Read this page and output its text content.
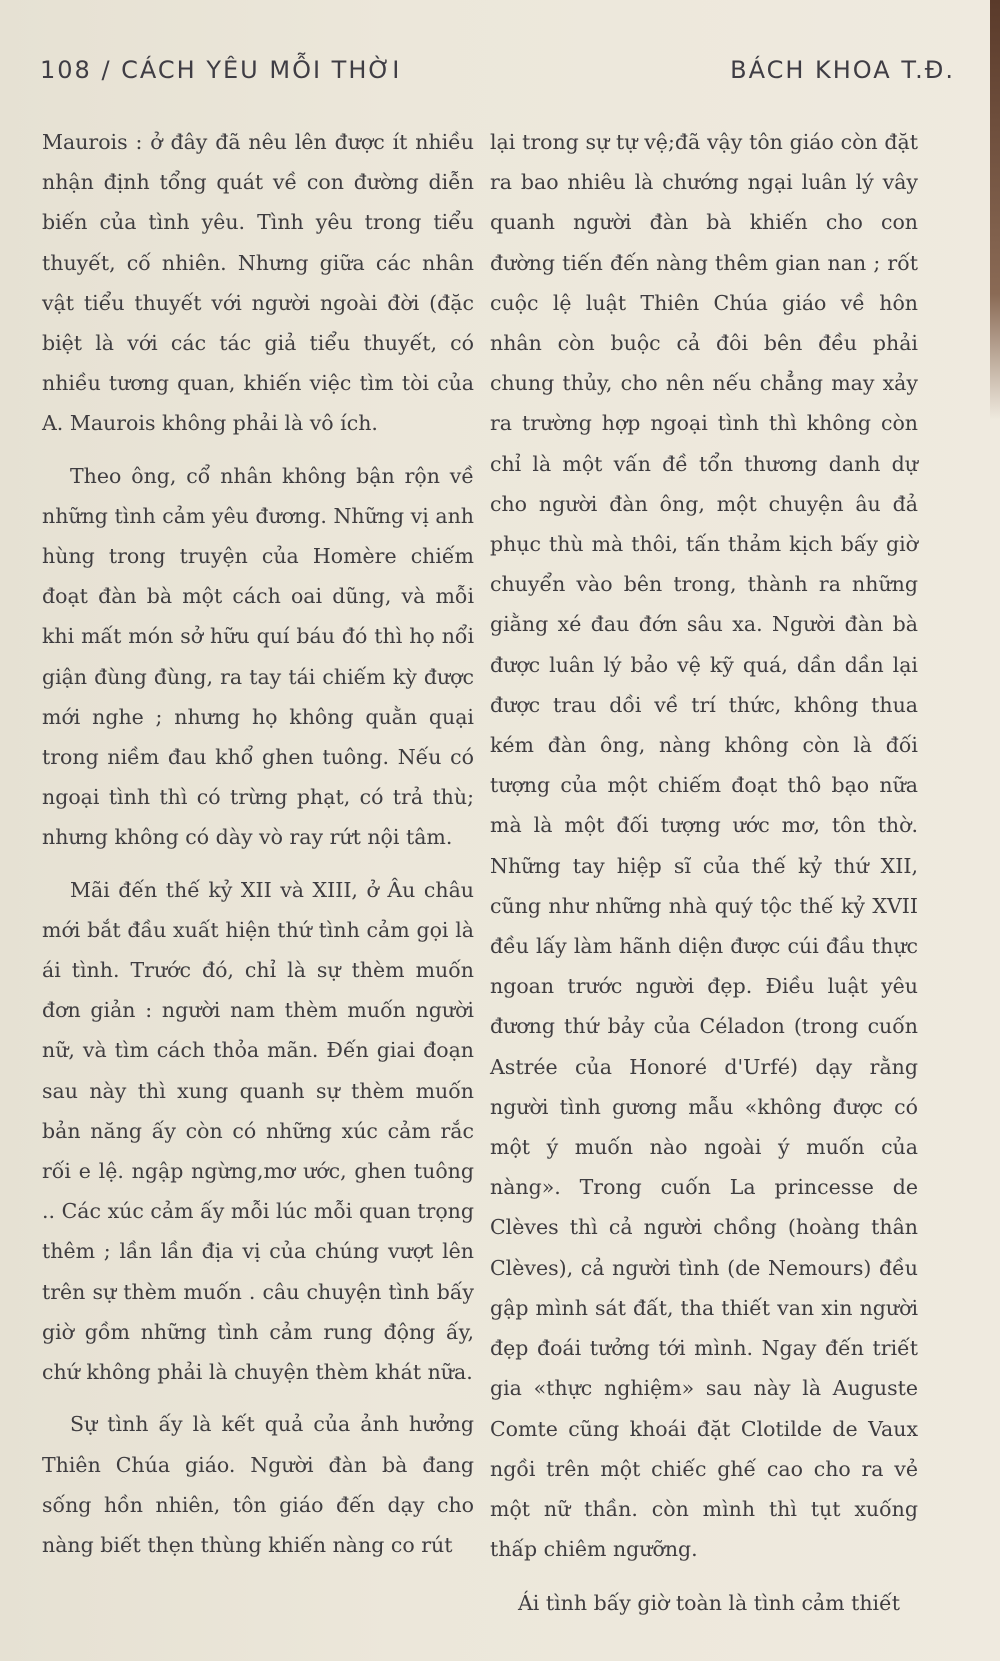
108 / CÁCH YÊU MỖI THỜI	BÁCH KHOA T.Đ.

Maurois : ở đây đã nêu lên được ít nhiều nhận định tổng quát về con đường diễn biến của tình yêu. Tình yêu trong tiểu thuyết, cố nhiên. Nhưng giữa các nhân vật tiểu thuyết với người ngoài đời (đặc biệt là với các tác giả tiểu thuyết, có nhiều tương quan, khiến việc tìm tòi của A. Maurois không phải là vô ích.

Theo ông, cổ nhân không bận rộn về những tình cảm yêu đương. Những vị anh hùng trong truyện của Homère chiếm đoạt đàn bà một cách oai dũng, và mỗi khi mất món sở hữu quí báu đó thì họ nổi giận đùng đùng, ra tay tái chiếm kỳ được mới nghe ; nhưng họ không quằn quại trong niềm đau khổ ghen tuông. Nếu có ngoại tình thì có trừng phạt, có trả thù; nhưng không có dày vò ray rứt nội tâm.

Mãi đến thế kỷ XII và XIII, ở Âu châu mới bắt đầu xuất hiện thứ tình cảm gọi là ái tình. Trước đó, chỉ là sự thèm muốn đơn giản : người nam thèm muốn người nữ, và tìm cách thỏa mãn. Đến giai đoạn sau này thì xung quanh sự thèm muốn bản năng ấy còn có những xúc cảm rắc rối e lệ. ngập ngừng,mơ ước, ghen tuông .. Các xúc cảm ấy mỗi lúc mỗi quan trọng thêm ; lần lần địa vị của chúng vượt lên trên sự thèm muốn . câu chuyện tình bấy giờ gồm những tình cảm rung động ấy, chứ không phải là chuyện thèm khát nữa.

Sự tình ấy là kết quả của ảnh hưởng Thiên Chúa giáo. Người đàn bà đang sống hồn nhiên, tôn giáo đến dạy cho nàng biết thẹn thùng khiến nàng co rút

lại trong sự tự vệ;đã vậy tôn giáo còn đặt ra bao nhiêu là chướng ngại luân lý vây quanh người đàn bà khiến cho con đường tiến đến nàng thêm gian nan ; rốt cuộc lệ luật Thiên Chúa giáo về hôn nhân còn buộc cả đôi bên đều phải chung thủy, cho nên nếu chẳng may xảy ra trường hợp ngoại tình thì không còn chỉ là một vấn đề tổn thương danh dự cho người đàn ông, một chuyện âu đả phục thù mà thôi, tấn thảm kịch bấy giờ chuyển vào bên trong, thành ra những giằng xé đau đớn sâu xa. Người đàn bà được luân lý bảo vệ kỹ quá, dần dần lại được trau dồi về trí thức, không thua kém đàn ông, nàng không còn là đối tượng của một chiếm đoạt thô bạo nữa mà là một đối tượng ước mơ, tôn thờ. Những tay hiệp sĩ của thế kỷ thứ XII, cũng như những nhà quý tộc thế kỷ XVII đều lấy làm hãnh diện được cúi đầu thực ngoan trước người đẹp. Điều luật yêu đương thứ bảy của Céladon (trong cuốn Astrée của Honoré d'Urfé) dạy rằng người tình gương mẫu «không được có một ý muốn nào ngoài ý muốn của nàng». Trong cuốn La princesse de Clèves thì cả người chồng (hoàng thân Clèves), cả người tình (de Nemours) đều gập mình sát đất, tha thiết van xin người đẹp đoái tưởng tới mình. Ngay đến triết gia «thực nghiệm» sau này là Auguste Comte cũng khoái đặt Clotilde de Vaux ngồi trên một chiếc ghế cao cho ra vẻ một nữ thần. còn mình thì tụt xuống thấp chiêm ngưỡng.

Ái tình bấy giờ toàn là tình cảm thiết
